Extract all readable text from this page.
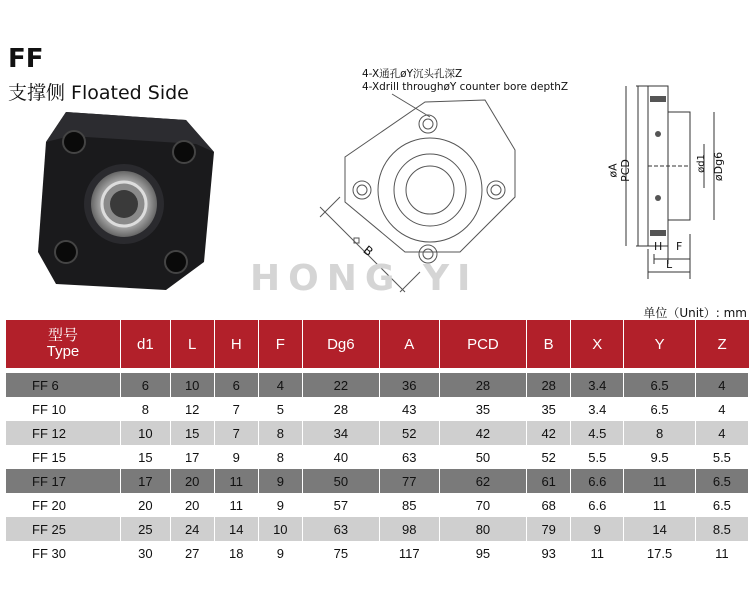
FF
支撑侧 Floated Side
4-X通孔øY沉头孔深Z
4-Xdrill throughøY counter bore depthZ
B
øA PCD	ød1 øDg6
H F
L
HONG YI
单位（Unit）: mm
型号
Type	d1	L	H	F	Dg6	A	PCD	B	X	Y	Z

FF 6	6	10	6	4	22	36	28	28	3.4	6.5	4
FF 10	8	12	7	5	28	43	35	35	3.4	6.5	4
FF 12	10	15	7	8	34	52	42	42	4.5	8	4
FF 15	15	17	9	8	40	63	50	52	5.5	9.5	5.5
FF 17	17	20	11	9	50	77	62	61	6.6	11	6.5
FF 20	20	20	11	9	57	85	70	68	6.6	11	6.5
FF 25	25	24	14	10	63	98	80	79	9	14	8.5
FF 30	30	27	18	9	75	117	95	93	11	17.5	11
